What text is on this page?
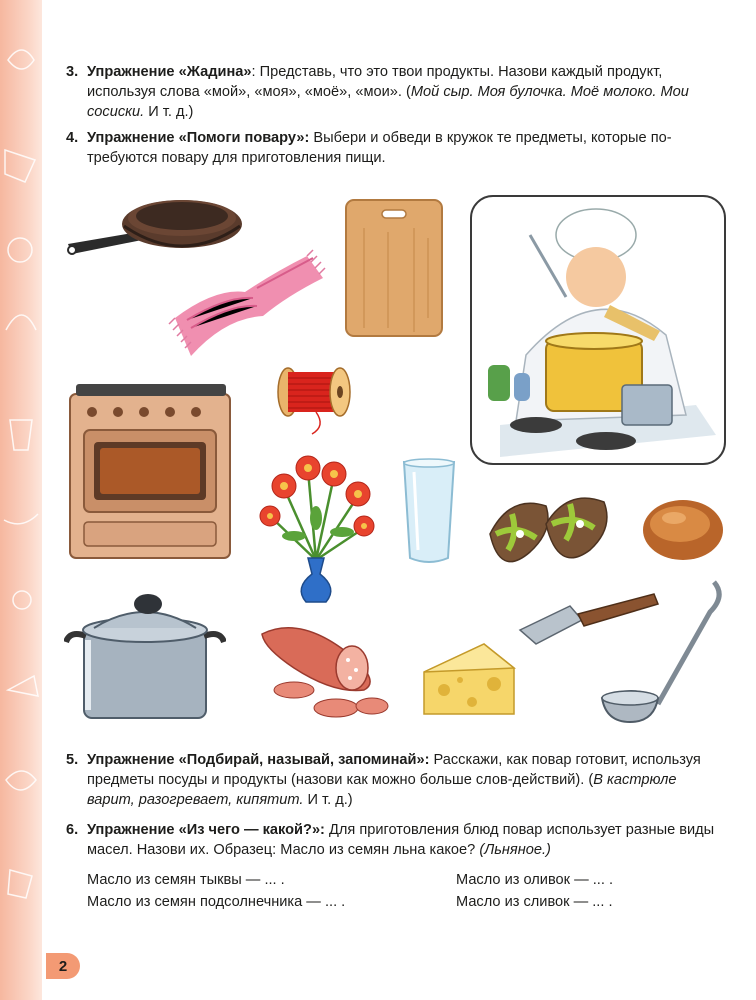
3. Упражнение «Жадина»: Представь, что это твои продукты. Назови каждый продукт, используя слова «мой», «моя», «моё», «мои». (Мой сыр. Моя булочка. Моё молоко. Мои сосиски. И т. д.)
4. Упражнение «Помоги повару»: Выбери и обведи в кружок те предметы, которые потребуются повару для приготовления пищи.
5. Упражнение «Подбирай, называй, запоминай»: Расскажи, как повар готовит, используя предметы посуды и продукты (назови как можно больше слов-действий). (В кастрюле варит, разогревает, кипятит. И т. д.)
6. Упражнение «Из чего — какой?»: Для приготовления блюд повар использует разные виды масел. Назови их. Образец: Масло из семян льна какое? (Льняное.)
Масло из семян тыквы — ... .	Масло из оливок — ... .
Масло из семян подсолнечника — ... .	Масло из сливок — ... .
2
